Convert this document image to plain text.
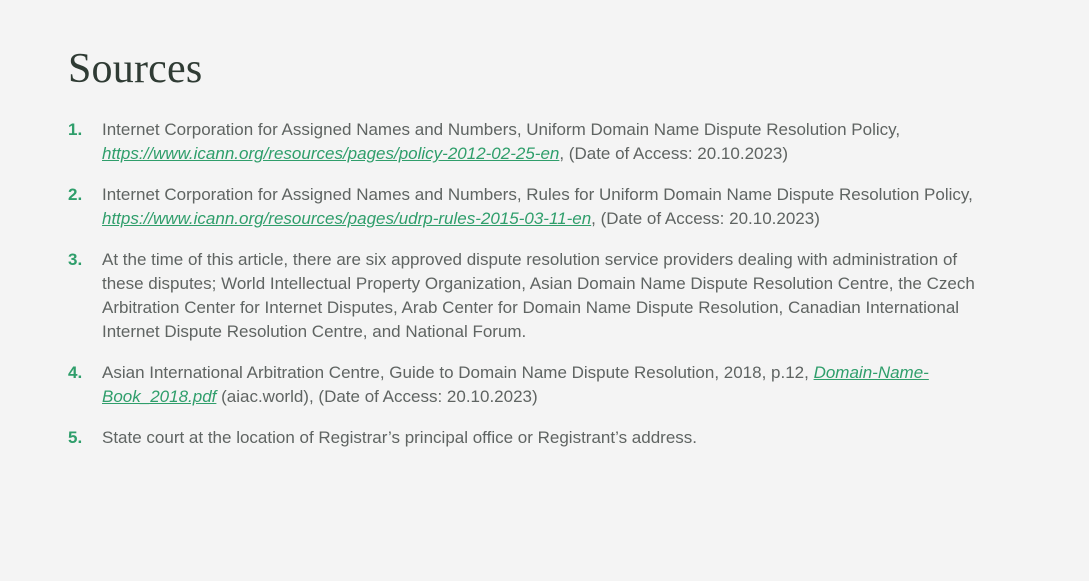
Sources
1.	Internet Corporation for Assigned Names and Numbers, Uniform Domain Name Dispute Resolution Policy, https://www.icann.org/resources/pages/policy-2012-02-25-en, (Date of Access: 20.10.2023)
2.	Internet Corporation for Assigned Names and Numbers, Rules for Uniform Domain Name Dispute Resolution Policy, https://www.icann.org/resources/pages/udrp-rules-2015-03-11-en, (Date of Access: 20.10.2023)
3.	At the time of this article, there are six approved dispute resolution service providers dealing with administration of these disputes; World Intellectual Property Organization, Asian Domain Name Dispute Resolution Centre, the Czech Arbitration Center for Internet Disputes, Arab Center for Domain Name Dispute Resolution, Canadian International Internet Dispute Resolution Centre, and National Forum.
4.	Asian International Arbitration Centre, Guide to Domain Name Dispute Resolution, 2018, p.12, Domain-Name-Book_2018.pdf (aiac.world), (Date of Access: 20.10.2023)
5.	State court at the location of Registrar’s principal office or Registrant’s address.
